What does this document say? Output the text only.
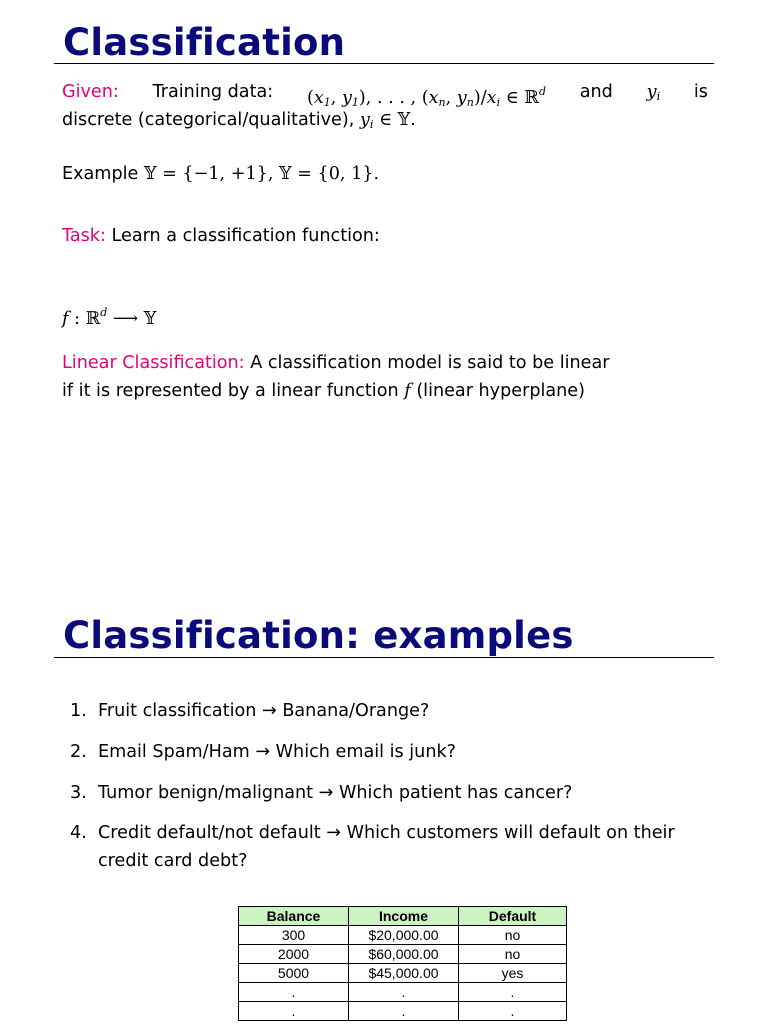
Classification
Given: Training data: ($x_1$, $y_1$), . . . , ($x_n$, $y_n)/x_i$ ∈ ℝ$^d$ and $y_i$ is

discrete (categorical/qualitative), $y_i$ ∈ 𝕐.

Example 𝕐 = {−1, +1}, 𝕐 = {0, 1}.

Task: Learn a classification function:

f : ℝ$^d$ ⟶ 𝕐

Linear Classification: A classification model is said to be linear

if it is represented by a linear function f (linear hyperplane)

Classification: examples
1. Fruit classification → Banana/Orange?
2. Email Spam/Ham → Which email is junk?
3. Tumor benign/malignant → Which patient has cancer?
4. Credit default/not default → Which customers will default on their credit card debt?
Balance	Income	Default
300	$20,000.00	no
2000	$60,000.00	no
5000	$45,000.00	yes
.	.	.
.	.	.
